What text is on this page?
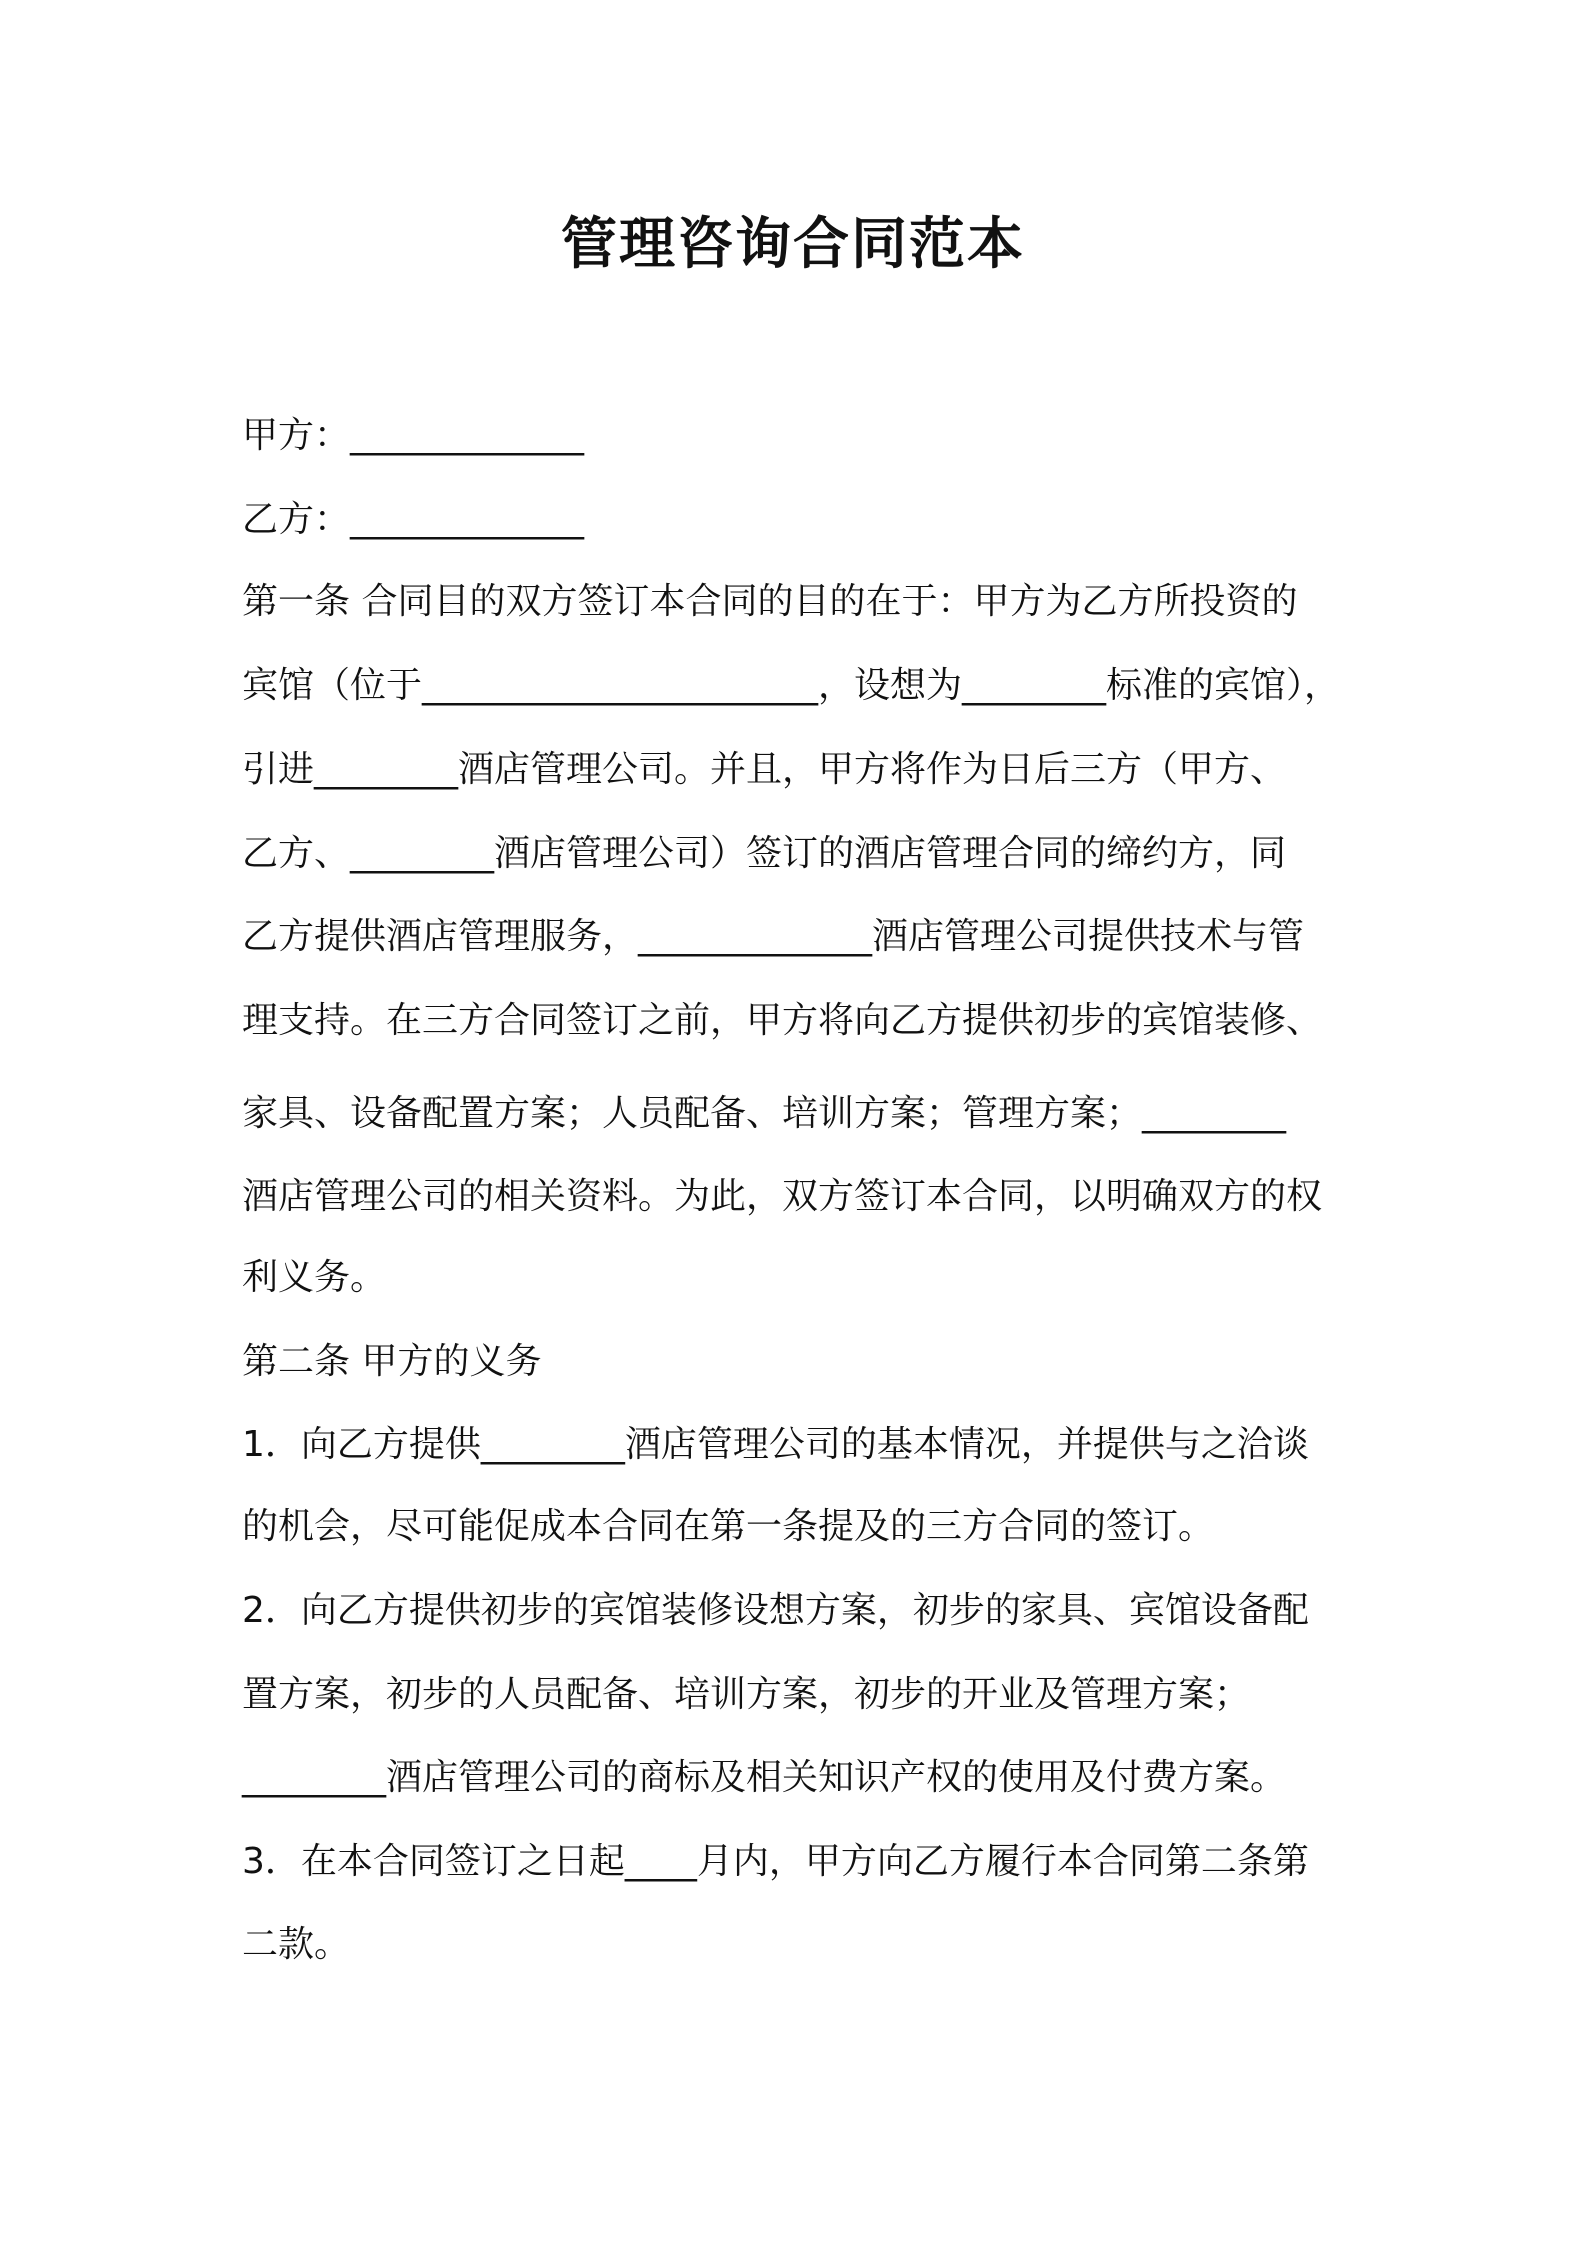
管理咨询合同范本
甲方：_____________
乙方：_____________
第一条 合同目的双方签订本合同的目的在于：甲方为乙方所投资的
宾馆（位于______________________，设想为________标准的宾馆），
引进________酒店管理公司。并且，甲方将作为日后三方（甲方、
乙方、________酒店管理公司）签订的酒店管理合同的缔约方，同
乙方提供酒店管理服务，_____________酒店管理公司提供技术与管
理支持。在三方合同签订之前，甲方将向乙方提供初步的宾馆装修、
家具、设备配置方案；人员配备、培训方案；管理方案；________
酒店管理公司的相关资料。为此，双方签订本合同，以明确双方的权
利义务。
第二条 甲方的义务
1．向乙方提供________酒店管理公司的基本情况，并提供与之洽谈
的机会，尽可能促成本合同在第一条提及的三方合同的签订。
2．向乙方提供初步的宾馆装修设想方案，初步的家具、宾馆设备配
置方案，初步的人员配备、培训方案，初步的开业及管理方案；
________酒店管理公司的商标及相关知识产权的使用及付费方案。
3．在本合同签订之日起____月内，甲方向乙方履行本合同第二条第
二款。
